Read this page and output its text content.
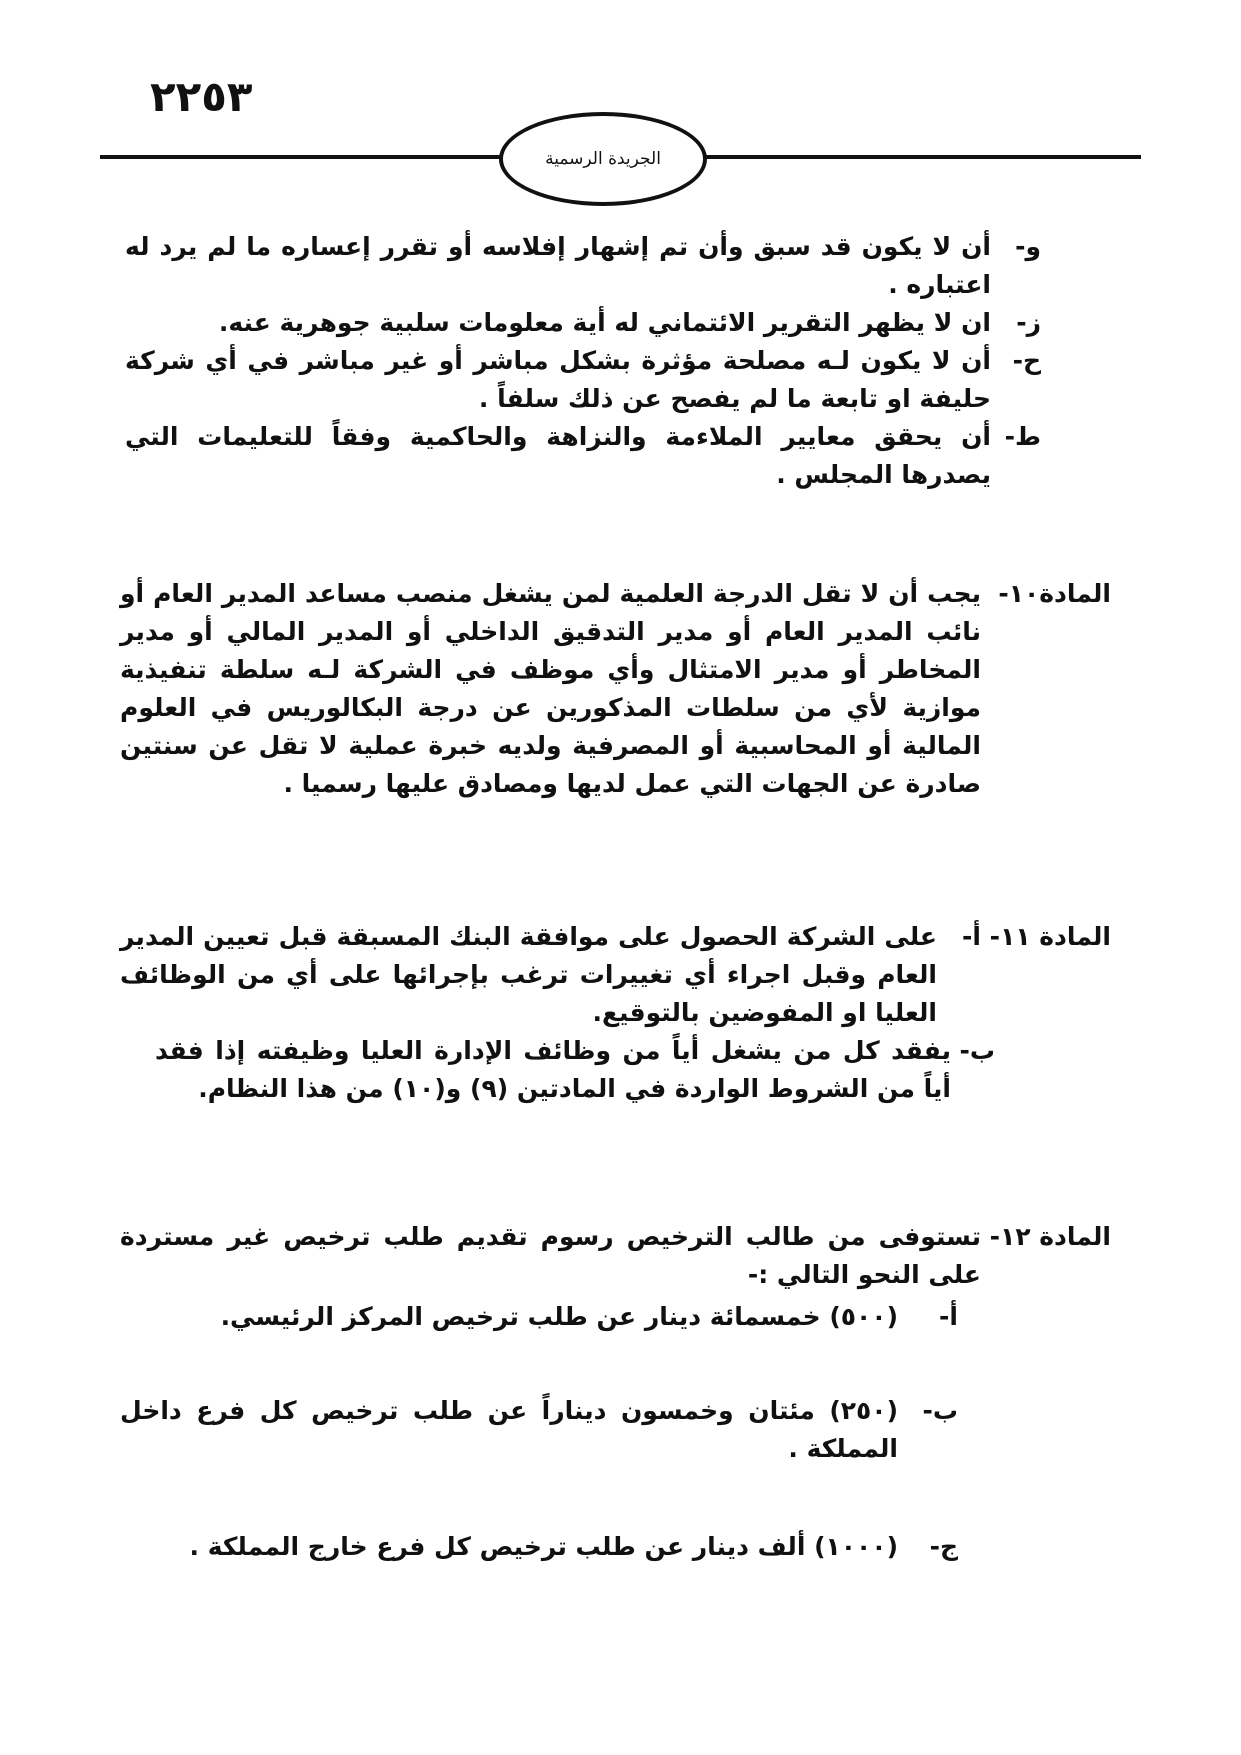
٢٢٥٣
الجريدة الرسمية
و-
أن لا يكون قد سبق وأن تم إشهار إفلاسه أو تقرر إعساره ما لم يرد له اعتباره .
ز-
ان لا يظهر التقرير الائتماني له أية معلومات سلبية جوهرية عنه.
ح-
أن لا يكون لـه مصلحة مؤثرة بشكل مباشر أو غير مباشر في أي شركة حليفة او تابعة ما لم يفصح عن ذلك سلفاً .
ط-
أن يحقق معايير الملاءمة والنزاهة والحاكمية وفقاً للتعليمات التي يصدرها المجلس .
المادة١٠-
يجب أن لا تقل الدرجة العلمية لمن يشغل منصب مساعد المدير العام أو نائب المدير العام أو مدير التدقيق الداخلي أو المدير المالي أو مدير المخاطر أو مدير الامتثال وأي موظف في الشركة لـه سلطة تنفيذية موازية لأي من سلطات المذكورين عن درجة البكالوريس في العلوم المالية أو المحاسبية أو المصرفية ولديه خبرة عملية لا تقل عن سنتين صادرة عن الجهات التي عمل لديها ومصادق عليها رسميا .
المادة ١١-
أ-
على الشركة الحصول على موافقة البنك المسبقة قبل تعيين المدير العام وقبل اجراء أي تغييرات ترغب بإجرائها على أي من الوظائف العليا او المفوضين بالتوقيع.
ب-
يفقد كل من يشغل أياً من وظائف الإدارة العليا وظيفته إذا فقد أياً من الشروط الواردة في المادتين (٩) و(١٠) من هذا النظام.
المادة ١٢-
تستوفى من طالب الترخيص رسوم تقديم طلب ترخيص غير مستردة على النحو التالي :-
أ-
(٥٠٠) خمسمائة دينار عن طلب ترخيص المركز الرئيسي.
ب-
(٢٥٠) مئتان وخمسون ديناراً عن طلب ترخيص كل فرع داخل المملكة .
ج-
(١٠٠٠) ألف دينار عن طلب ترخيص كل فرع خارج المملكة .
